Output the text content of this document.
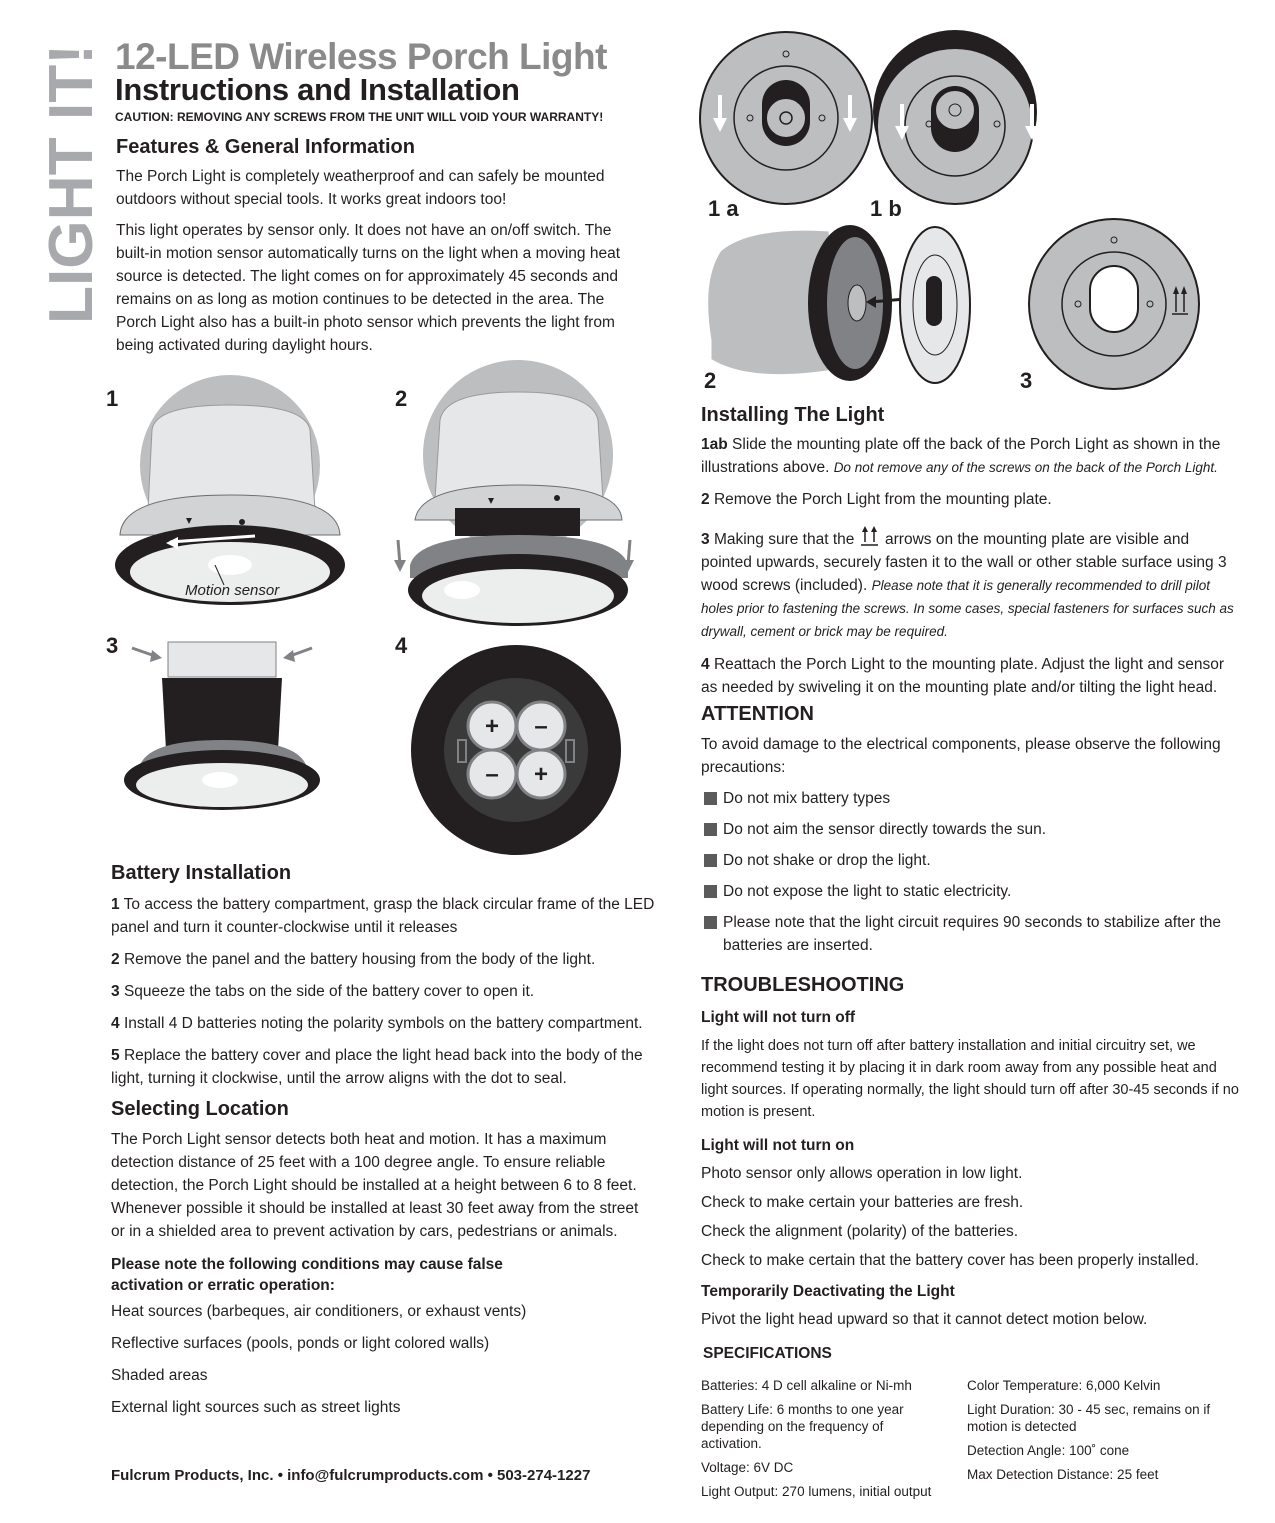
LIGHT IT! 12-LED Wireless Porch Light
Instructions and Installation
CAUTION: REMOVING ANY SCREWS FROM THE UNIT WILL VOID YOUR WARRANTY!
Features & General Information
The Porch Light is completely weatherproof and can safely be mounted outdoors without special tools. It works great indoors too!
This light operates by sensor only. It does not have an on/off switch. The built-in motion sensor automatically turns on the light when a moving heat source is detected. The light comes on for approximately 45 seconds and remains on as long as motion continues to be detected in the area. The Porch Light also has a built-in photo sensor which prevents the light from being activated during daylight hours.
1
Motion sensor
2
3	4
+ –
– +
Battery Installation
1 To access the battery compartment, grasp the black circular frame of the LED panel and turn it counter-clockwise until it releases
2 Remove the panel and the battery housing from the body of the light.
3 Squeeze the tabs on the side of the battery cover to open it.
4 Install 4 D batteries noting the polarity symbols on the battery compartment.
5 Replace the battery cover and place the light head back into the body of the light, turning it clockwise, until the arrow aligns with the dot to seal.
Selecting Location
The Porch Light sensor detects both heat and motion. It has a maximum detection distance of 25 feet with a 100 degree angle. To ensure reliable detection, the Porch Light should be installed at a height between 6 to 8 feet. Whenever possible it should be installed at least 30 feet away from the street or in a shielded area to prevent activation by cars, pedestrians or animals.
Please note the following conditions may cause false activation or erratic operation:
Heat sources (barbeques, air conditioners, or exhaust vents)
Reflective surfaces (pools, ponds or light colored walls)
Shaded areas
External light sources such as street lights
Fulcrum Products, Inc. • info@fulcrumproducts.com • 503-274-1227
1 a	1 b
2	3
Installing The Light
1ab Slide the mounting plate off the back of the Porch Light as shown in the illustrations above. Do not remove any of the screws on the back of the Porch Light.
2 Remove the Porch Light from the mounting plate.
3 Making sure that the arrows on the mounting plate are visible and pointed upwards, securely fasten it to the wall or other stable surface using 3 wood screws (included). Please note that it is generally recommended to drill pilot holes prior to fastening the screws. In some cases, special fasteners for surfaces such as drywall, cement or brick may be required.
4 Reattach the Porch Light to the mounting plate. Adjust the light and sensor as needed by swiveling it on the mounting plate and/or tilting the light head.
ATTENTION
To avoid damage to the electrical components, please observe the following precautions:
Do not mix battery types
Do not aim the sensor directly towards the sun.
Do not shake or drop the light.
Do not expose the light to static electricity.
Please note that the light circuit requires 90 seconds to stabilize after the batteries are inserted.
TROUBLESHOOTING
Light will not turn off
If the light does not turn off after battery installation and initial circuitry set, we recommend testing it by placing it in dark room away from any possible heat and light sources. If operating normally, the light should turn off after 30-45 seconds if no motion is present.
Light will not turn on
Photo sensor only allows operation in low light.
Check to make certain your batteries are fresh.
Check the alignment (polarity) of the batteries.
Check to make certain that the battery cover has been properly installed.
Temporarily Deactivating the Light
Pivot the light head upward so that it cannot detect motion below.
SPECIFICATIONS
Batteries: 4 D cell alkaline or Ni-mh
Battery Life: 6 months to one year depending on the frequency of activation.
Voltage: 6V DC
Light Output: 270 lumens, initial output
Color Temperature: 6,000 Kelvin
Light Duration: 30 - 45 sec, remains on if motion is detected
Detection Angle: 100˚ cone
Max Detection Distance: 25 feet
